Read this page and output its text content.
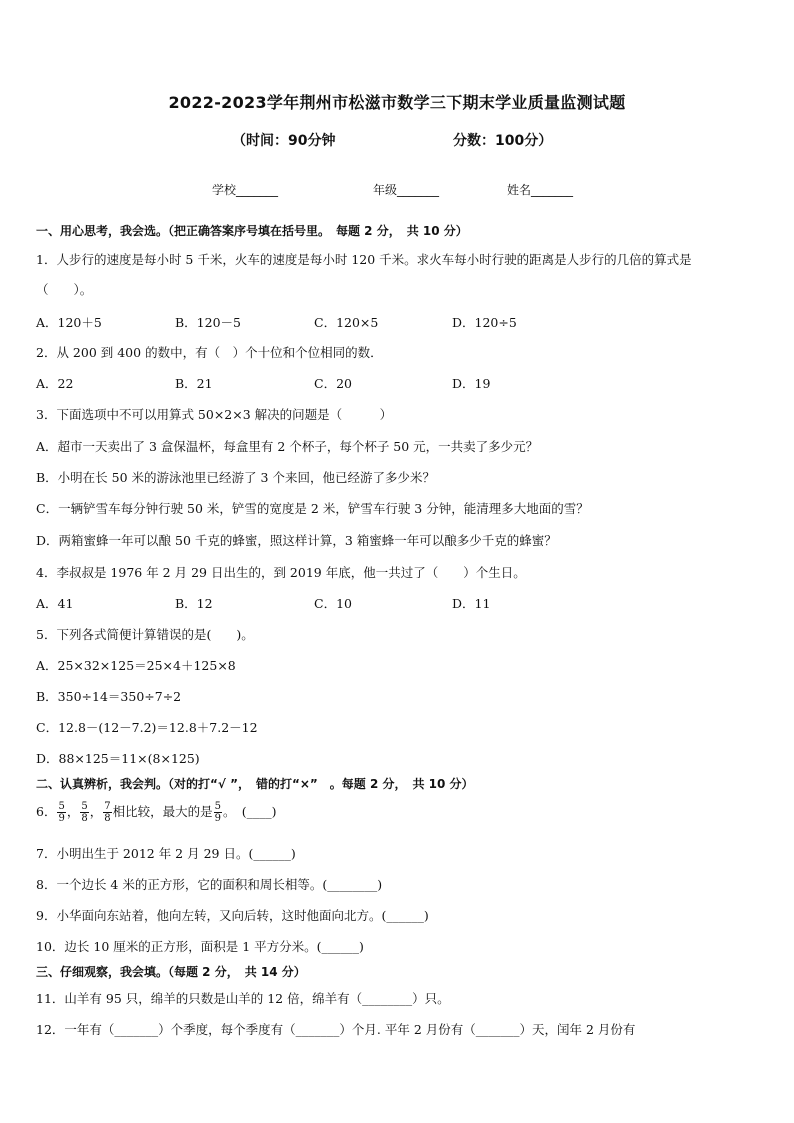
2022-2023学年荆州市松滋市数学三下期末学业质量监测试题
（时间：90分钟	分数：100分）
学校_______	年级_______	姓名_______
一、用心思考，我会选。（把正确答案序号填在括号里。　每题 2 分，　共 10 分）
1．人步行的速度是每小时 5 千米，火车的速度是每小时 120 千米。求火车每小时行驶的距离是人步行的几倍的算式是
（　　）。
A．120＋5	B．120－5	C．120×5	D．120÷5
2．从 200 到 400 的数中，有（　）个十位和个位相同的数．
A．22	B．21	C．20	D．19
3．下面选项中不可以用算式 50×2×3 解决的问题是（　　　）
A．超市一天卖出了 3 盒保温杯，每盒里有 2 个杯子，每个杯子 50 元，一共卖了多少元？
B．小明在长 50 米的游泳池里已经游了 3 个来回，他已经游了多少米？
C．一辆铲雪车每分钟行驶 50 米，铲雪的宽度是 2 米，铲雪车行驶 3 分钟，能清理多大地面的雪？
D．两箱蜜蜂一年可以酿 50 千克的蜂蜜，照这样计算，3 箱蜜蜂一年可以酿多少千克的蜂蜜？
4．李叔叔是 1976 年 2 月 29 日出生的，到 2019 年底，他一共过了（　　）个生日。
A．41	B．12	C．10	D．11
5．下列各式简便计算错误的是(　　)。
A．25×32×125＝25×4＋125×8
B．350÷14＝350÷7÷2
C．12.8－(12－7.2)＝12.8＋7.2－12
D．88×125＝11×(8×125)
二、认真辨析，我会判。（对的打“√ ”，　错的打“×”　。每题 2 分，　共 10 分）
6． $\frac{5}{9}$ ， $\frac{5}{8}$ ， $\frac{7}{8}$ 相比较，最大的是 $\frac{5}{9}$ 。　(____)
7．小明出生于 2012 年 2 月 29 日。(______)
8．一个边长 4 米的正方形，它的面积和周长相等。(________)
9．小华面向东站着，他向左转，又向后转，这时他面向北方。(______)
10．边长 10 厘米的正方形，面积是 1 平方分米。(______)
三、仔细观察，我会填。（每题 2 分，　共 14 分）
11．山羊有 95 只，绵羊的只数是山羊的 12 倍，绵羊有（________）只。
12．一年有（_______）个季度，每个季度有（_______）个月. 平年 2 月份有（_______）天，闰年 2 月份有
